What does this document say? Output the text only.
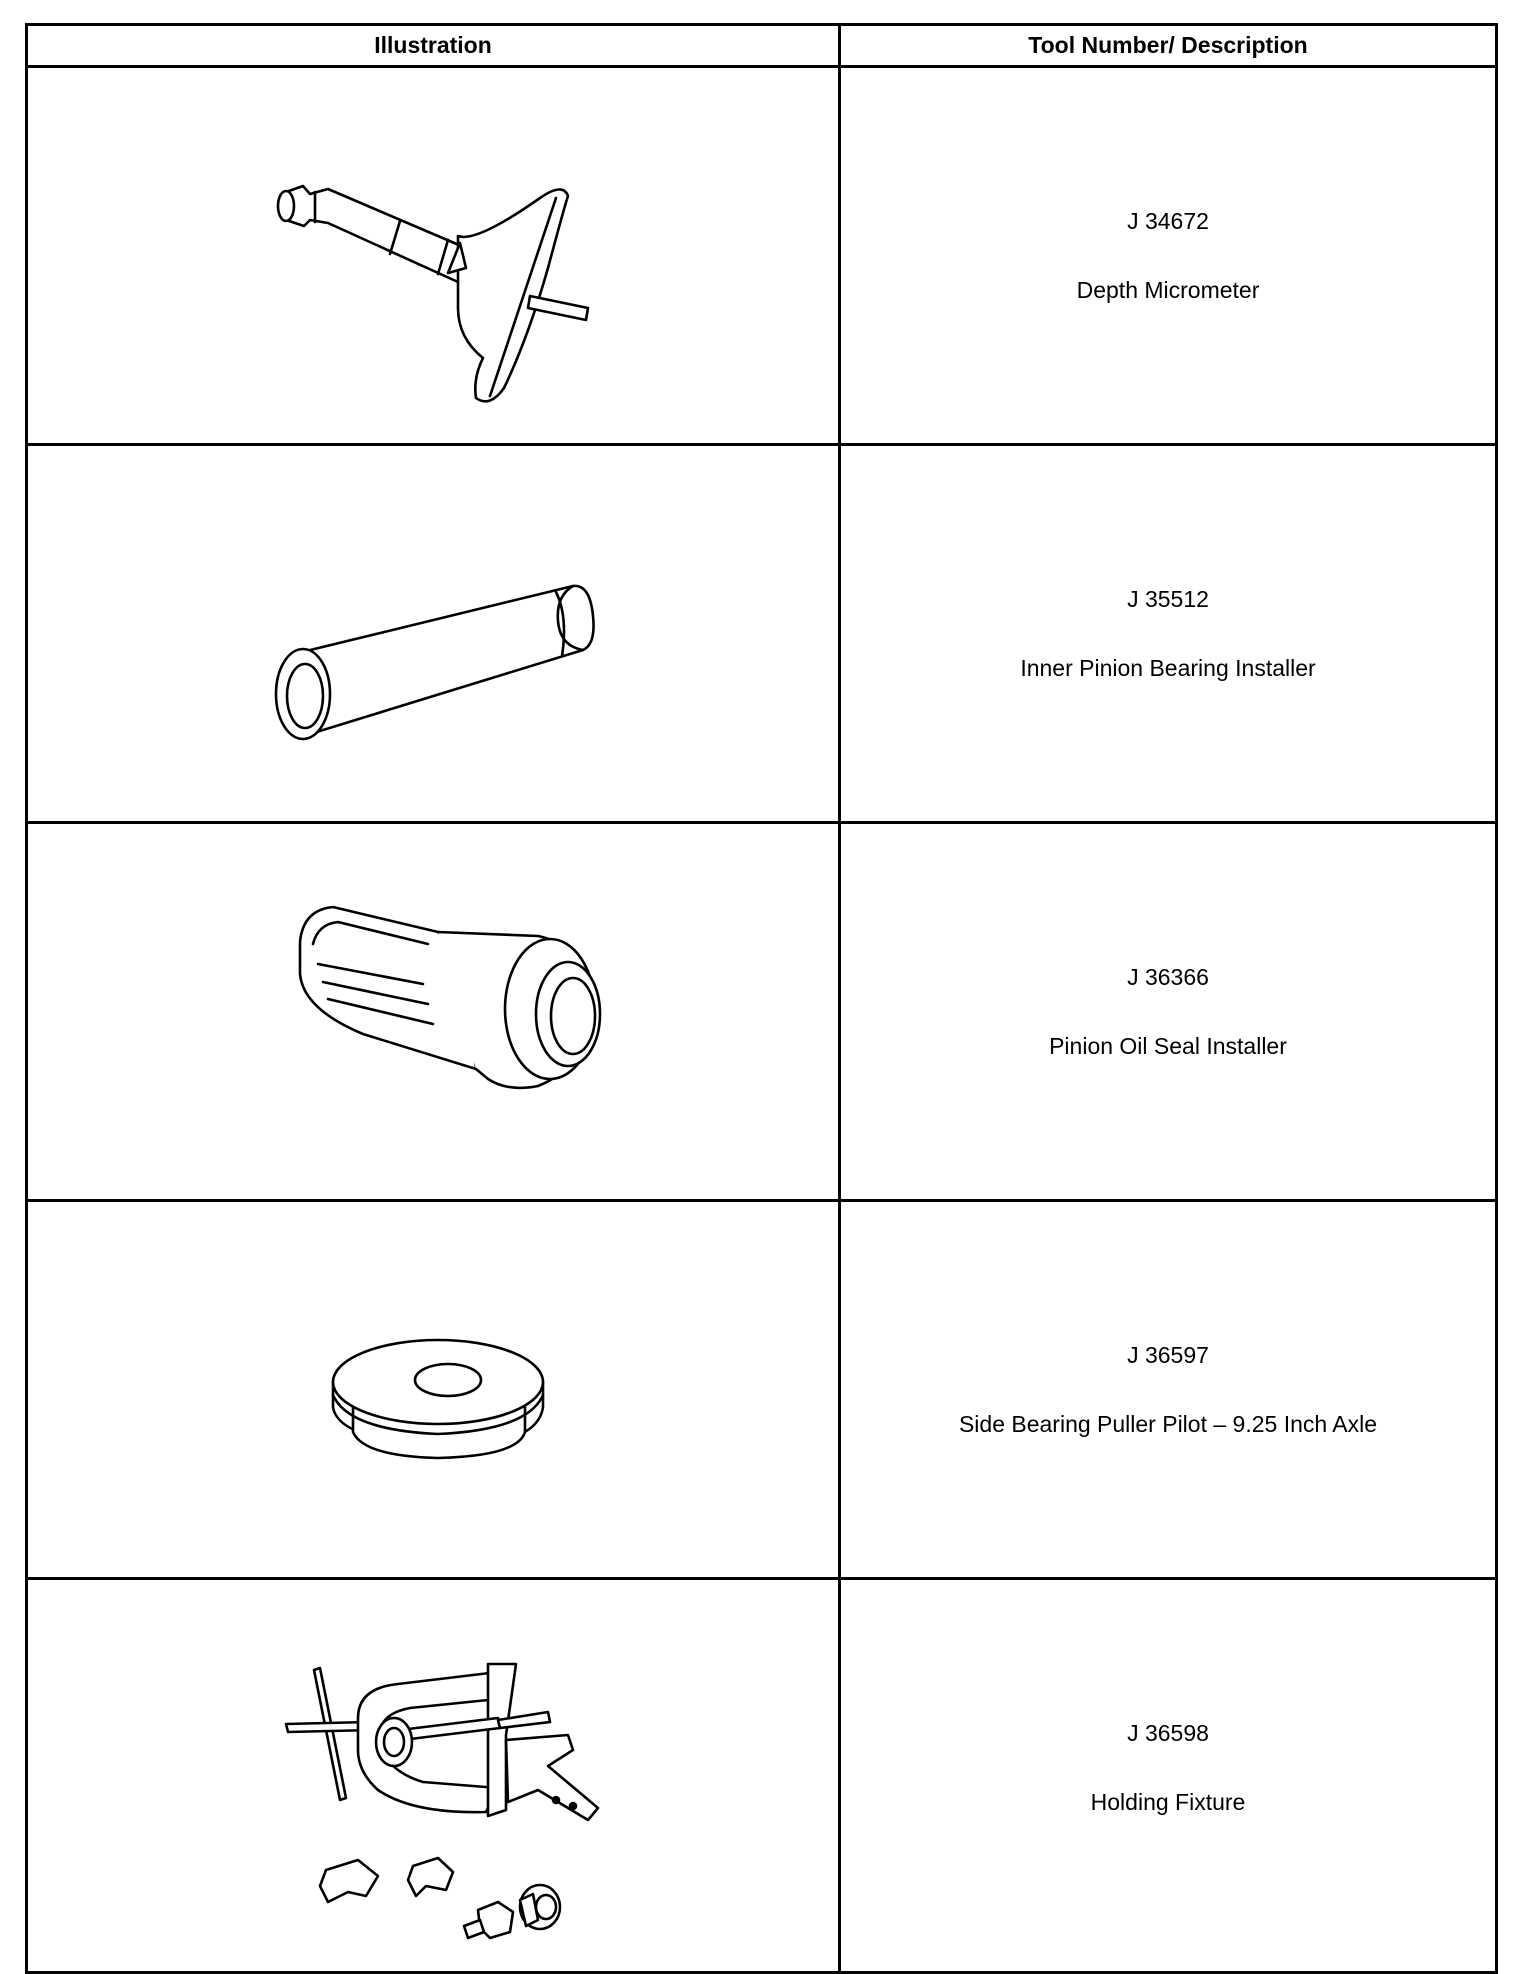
Illustration	Tool Number/ Description
J 34672
Depth Micrometer
J 35512
Inner Pinion Bearing Installer
J 36366
Pinion Oil Seal Installer
J 36597
Side Bearing Puller Pilot – 9.25 Inch Axle
J 36598
Holding Fixture
